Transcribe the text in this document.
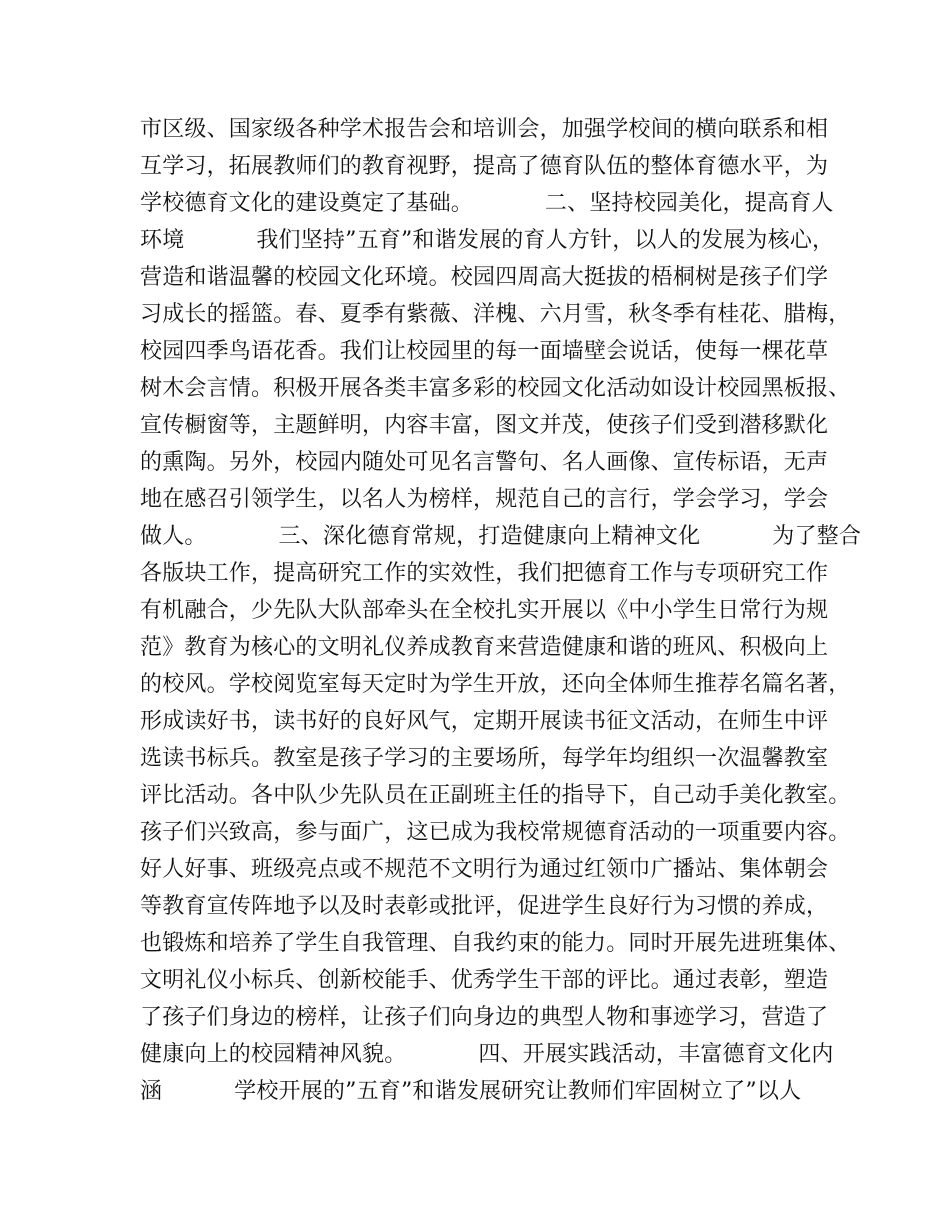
市区级、国家级各种学术报告会和培训会，加强学校间的横向联系和相
互学习，拓展教师们的教育视野，提高了德育队伍的整体育德水平，为
学校德育文化的建设奠定了基础。          二、坚持校园美化，提高育人
环境          我们坚持”五育”和谐发展的育人方针，以人的发展为核心，
营造和谐温馨的校园文化环境。校园四周高大挺拔的梧桐树是孩子们学
习成长的摇篮。春、夏季有紫薇、洋槐、六月雪，秋冬季有桂花、腊梅，
校园四季鸟语花香。我们让校园里的每一面墙壁会说话，使每一棵花草
树木会言情。积极开展各类丰富多彩的校园文化活动如设计校园黑板报、
宣传橱窗等，主题鲜明，内容丰富，图文并茂，使孩子们受到潜移默化
的熏陶。另外，校园内随处可见名言警句、名人画像、宣传标语，无声
地在感召引领学生，以名人为榜样，规范自己的言行，学会学习，学会
做人。          三、深化德育常规，打造健康向上精神文化          为了整合
各版块工作，提高研究工作的实效性，我们把德育工作与专项研究工作
有机融合，少先队大队部牵头在全校扎实开展以《中小学生日常行为规
范》教育为核心的文明礼仪养成教育来营造健康和谐的班风、积极向上
的校风。学校阅览室每天定时为学生开放，还向全体师生推荐名篇名著，
形成读好书，读书好的良好风气，定期开展读书征文活动，在师生中评
选读书标兵。教室是孩子学习的主要场所，每学年均组织一次温馨教室
评比活动。各中队少先队员在正副班主任的指导下，自己动手美化教室。
孩子们兴致高，参与面广，这已成为我校常规德育活动的一项重要内容。
好人好事、班级亮点或不规范不文明行为通过红领巾广播站、集体朝会
等教育宣传阵地予以及时表彰或批评，促进学生良好行为习惯的养成，
也锻炼和培养了学生自我管理、自我约束的能力。同时开展先进班集体、
文明礼仪小标兵、创新校能手、优秀学生干部的评比。通过表彰，塑造
了孩子们身边的榜样，让孩子们向身边的典型人物和事迹学习，营造了
健康向上的校园精神风貌。          四、开展实践活动，丰富德育文化内
涵          学校开展的”五育”和谐发展研究让教师们牢固树立了”以人
